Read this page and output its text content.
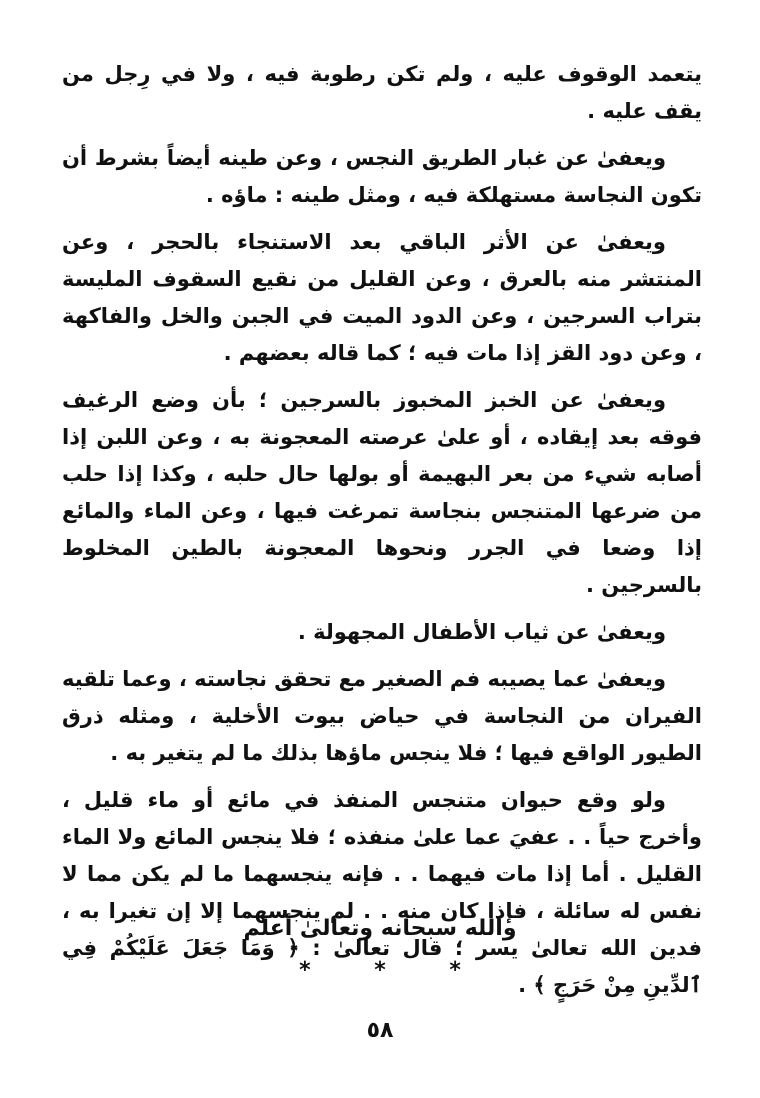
يتعمد الوقوف عليه ، ولم تكن رطوبة فيه ، ولا في رِجل من يقف عليه .

ويعفىٰ عن غبار الطريق النجس ، وعن طينه أيضاً بشرط أن تكون النجاسة مستهلكة فيه ، ومثل طينه : ماؤه .

ويعفىٰ عن الأثر الباقي بعد الاستنجاء بالحجر ، وعن المنتشر منه بالعرق ، وعن القليل من نقيع السقوف المليسة بتراب السرجين ، وعن الدود الميت في الجبن والخل والفاكهة ، وعن دود القز إذا مات فيه ؛ كما قاله بعضهم .

ويعفىٰ عن الخبز المخبوز بالسرجين ؛ بأن وضع الرغيف فوقه بعد إيقاده ، أو علىٰ عرصته المعجونة به ، وعن اللبن إذا أصابه شيء من بعر البهيمة أو بولها حال حلبه ، وكذا إذا حلب من ضرعها المتنجس بنجاسة تمرغت فيها ، وعن الماء والمائع إذا وضعا في الجرر ونحوها المعجونة بالطين المخلوط بالسرجين .

ويعفىٰ عن ثياب الأطفال المجهولة .

ويعفىٰ عما يصيبه فم الصغير مع تحقق نجاسته ، وعما تلقيه الفيران من النجاسة في حياض بيوت الأخلية ، ومثله ذرق الطيور الواقع فيها ؛ فلا ينجس ماؤها بذلك ما لم يتغير به .

ولو وقع حيوان متنجس المنفذ في مائع أو ماء قليل ، وأخرج حياً . . عفيَ عما علىٰ منفذه ؛ فلا ينجس المائع ولا الماء القليل . أما إذا مات فيهما . . فإنه ينجسهما ما لم يكن مما لا نفس له سائلة ، فإذا كان منه . . لم ينجسهما إلا إن تغيرا به ، فدين الله تعالىٰ يسر ؛ قال تعالىٰ : ﴿ وَمَا جَعَلَ عَلَيْكُمْ فِي ٱلدِّينِ مِنْ حَرَجٍ ﴾ .

والله سبحانه وتعالىٰ أعلم
* * *
٥٨
